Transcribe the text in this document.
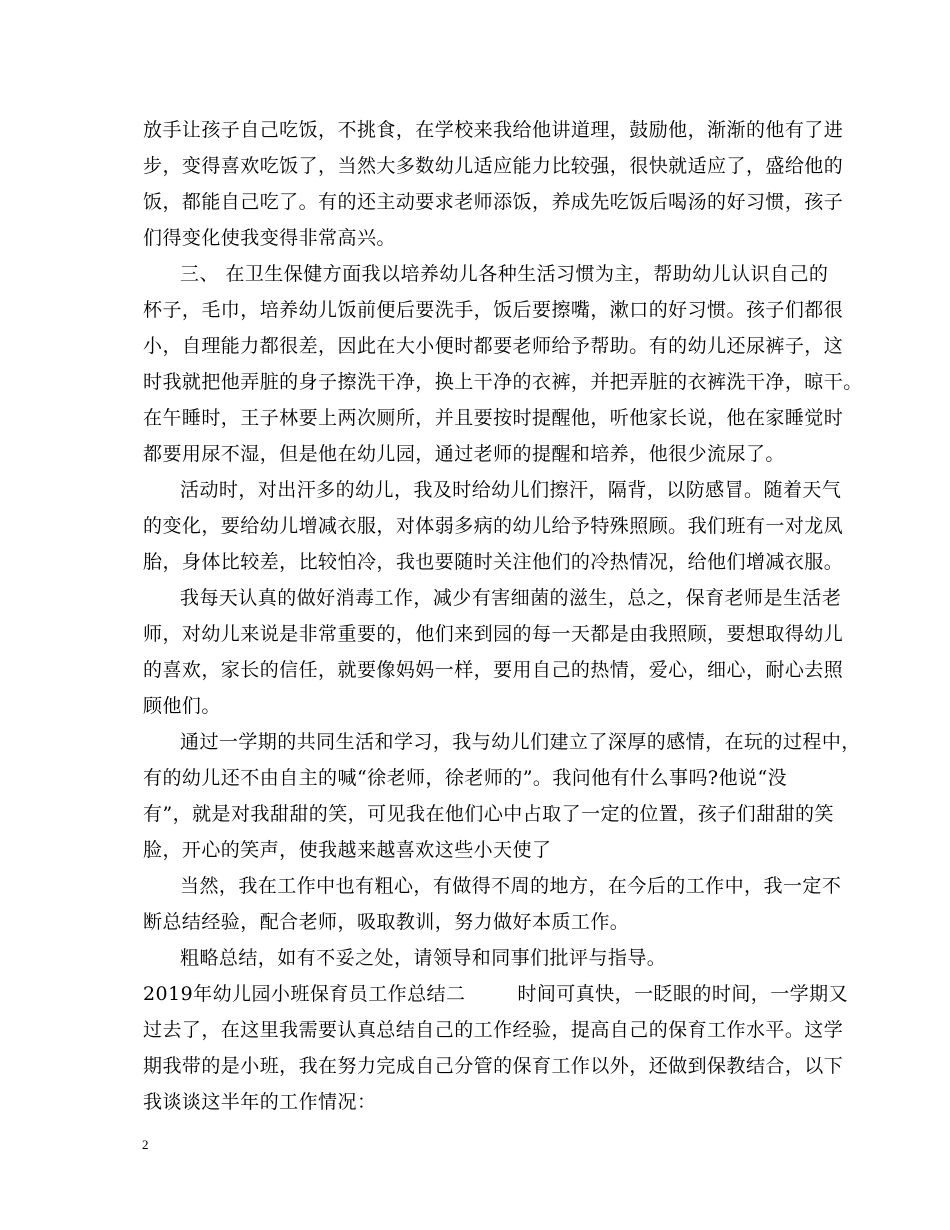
放手让孩子自己吃饭，不挑食，在学校来我给他讲道理，鼓励他，渐渐的他有了进
步，变得喜欢吃饭了，当然大多数幼儿适应能力比较强，很快就适应了，盛给他的
饭，都能自己吃了。有的还主动要求老师添饭，养成先吃饭后喝汤的好习惯，孩子
们得变化使我变得非常高兴。
三、 在卫生保健方面我以培养幼儿各种生活习惯为主，帮助幼儿认识自己的
杯子，毛巾，培养幼儿饭前便后要洗手，饭后要擦嘴，漱口的好习惯。孩子们都很
小，自理能力都很差，因此在大小便时都要老师给予帮助。有的幼儿还尿裤子，这
时我就把他弄脏的身子擦洗干净，换上干净的衣裤，并把弄脏的衣裤洗干净，晾干。
在午睡时，王子林要上两次厕所，并且要按时提醒他，听他家长说，他在家睡觉时
都要用尿不湿，但是他在幼儿园，通过老师的提醒和培养，他很少流尿了。
活动时，对出汗多的幼儿，我及时给幼儿们擦汗，隔背，以防感冒。随着天气
的变化，要给幼儿增减衣服，对体弱多病的幼儿给予特殊照顾。我们班有一对龙凤
胎，身体比较差，比较怕冷，我也要随时关注他们的冷热情况，给他们增减衣服。
我每天认真的做好消毒工作，减少有害细菌的滋生，总之，保育老师是生活老
师，对幼儿来说是非常重要的，他们来到园的每一天都是由我照顾，要想取得幼儿
的喜欢，家长的信任，就要像妈妈一样，要用自己的热情，爱心，细心，耐心去照
顾他们。
通过一学期的共同生活和学习，我与幼儿们建立了深厚的感情，在玩的过程中，
有的幼儿还不由自主的喊“徐老师，徐老师的”。我问他有什么事吗?他说“没
有”，就是对我甜甜的笑，可见我在他们心中占取了一定的位置，孩子们甜甜的笑
脸，开心的笑声，使我越来越喜欢这些小天使了
当然，我在工作中也有粗心，有做得不周的地方，在今后的工作中，我一定不
断总结经验，配合老师，吸取教训，努力做好本质工作。
粗略总结，如有不妥之处，请领导和同事们批评与指导。
2019年幼儿园小班保育员工作总结二        时间可真快，一眨眼的时间，一学期又
过去了，在这里我需要认真总结自己的工作经验，提高自己的保育工作水平。这学
期我带的是小班，我在努力完成自己分管的保育工作以外，还做到保教结合，以下
我谈谈这半年的工作情况：
2
